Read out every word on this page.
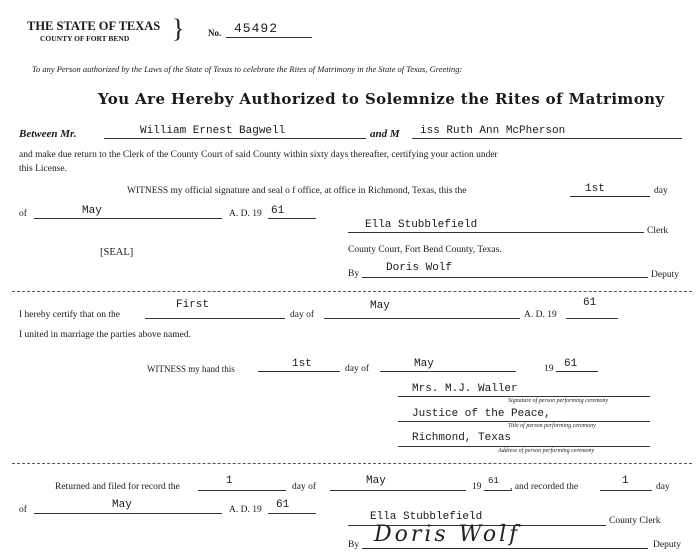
THE STATE OF TEXAS
COUNTY OF FORT BEND }	No. 45492
To any Person authorized by the Laws of the State of Texas to celebrate the Rites of Matrimony in the State of Texas, Greeting:
You Are Hereby Authorized to Solemnize the Rites of Matrimony
Between Mr.	William Ernest Bagwell	and M iss Ruth Ann McPherson
and make due return to the Clerk of the County Court of said County within sixty days thereafter, certifying your action under
this License.
WITNESS my official signature and seal o f office, at office in Richmond, Texas, this the	1st	day
of	May	A. D. 19 61
Ella Stubblefield	Clerk
County Court, Fort Bend County, Texas.
[SEAL]
By Doris Wolf
Deputy
I hereby certify that on the
First
day of
May
A. D. 19
61
I united in marriage the parties above named.
WITNESS my hand this	1st	day of	May	19 61
Mrs. M.J. Waller
Signature of person performing ceremony
Justice of the Peace,
Title of person performing ceremony
Richmond, Texas
Address of person performing ceremony
Returned and filed for record the	1	day of	May	19
61
, and recorded the	1	day
of	May	A. D. 19 61
Ella Stubblefield	County Clerk
By Doris Wolf	Deputy
